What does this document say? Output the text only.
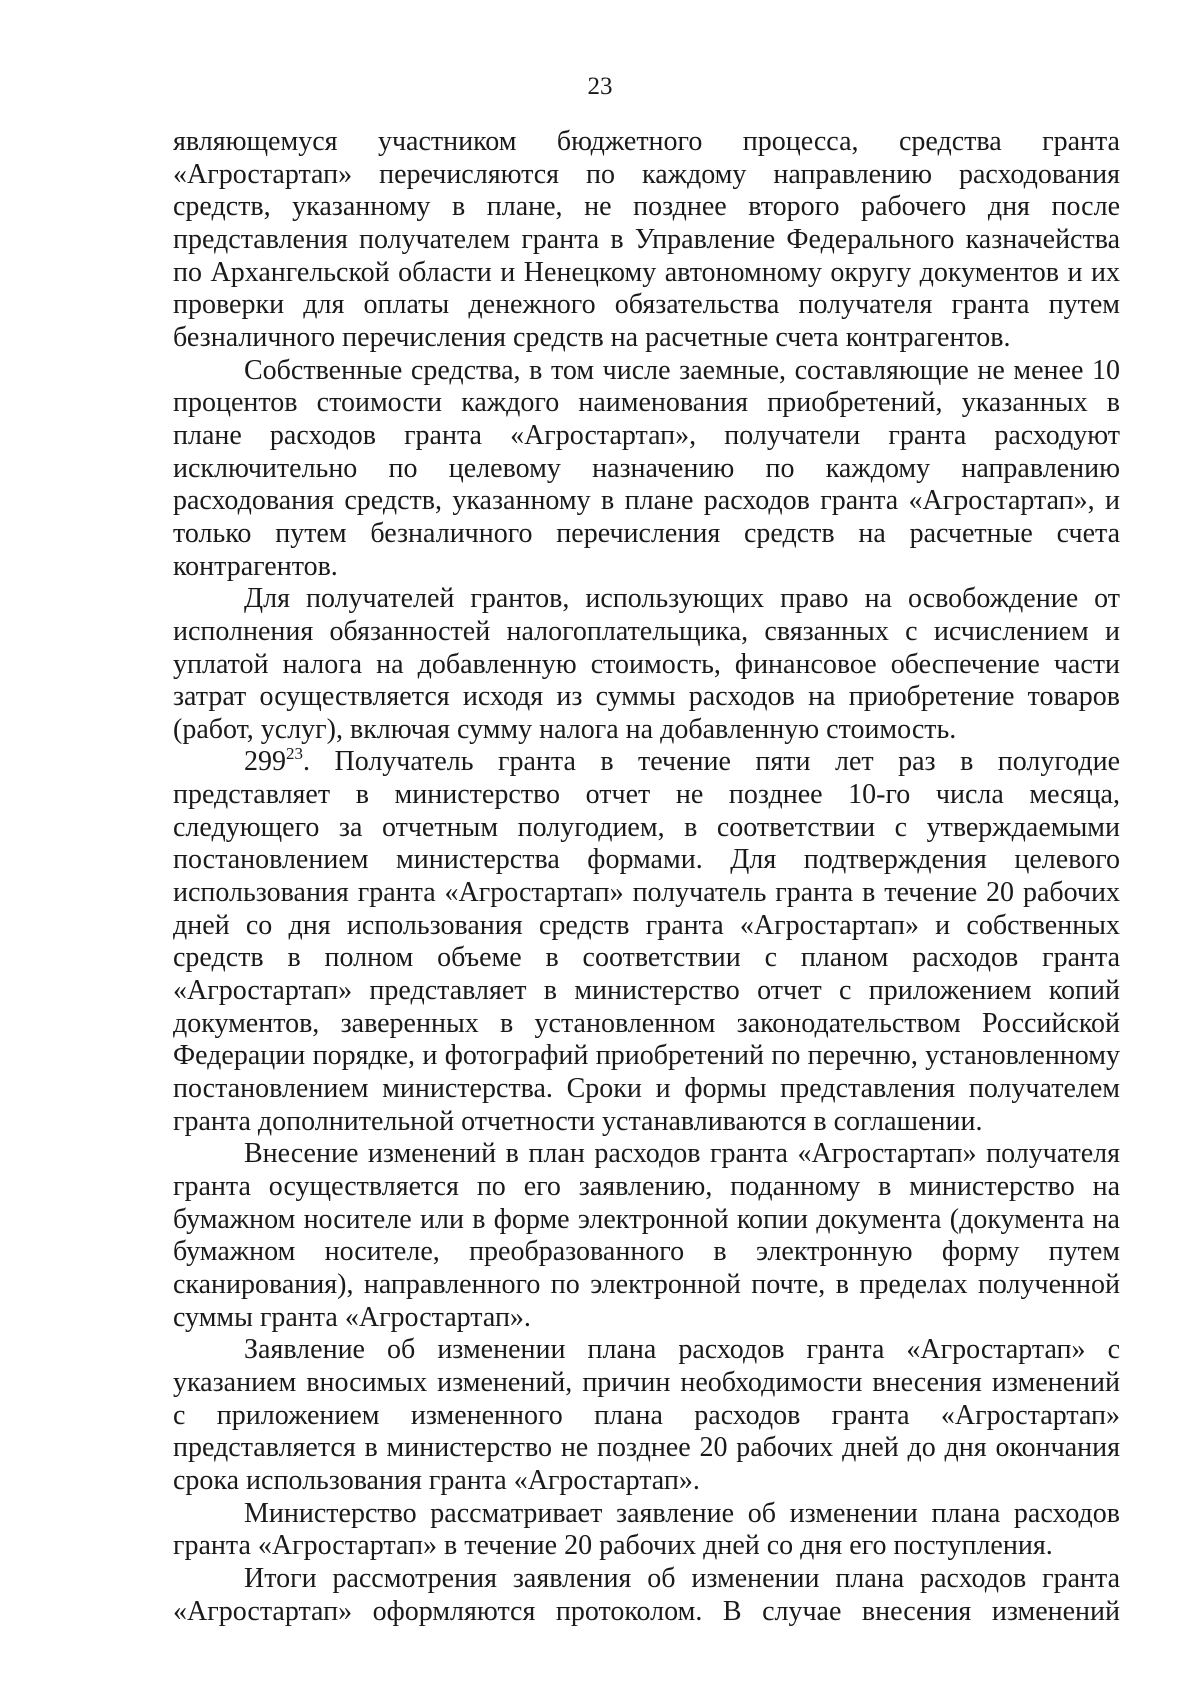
23

являющемуся участником бюджетного процесса, средства гранта «Агростартап» перечисляются по каждому направлению расходования средств, указанному в плане, не позднее второго рабочего дня после представления получателем гранта в Управление Федерального казначейства по Архангельской области и Ненецкому автономному округу документов и их проверки для оплаты денежного обязательства получателя гранта путем безналичного перечисления средств на расчетные счета контрагентов.

Собственные средства, в том числе заемные, составляющие не менее 10 процентов стоимости каждого наименования приобретений, указанных в плане расходов гранта «Агростартап», получатели гранта расходуют исключительно по целевому назначению по каждому направлению расходования средств, указанному в плане расходов гранта «Агростартап», и только путем безналичного перечисления средств на расчетные счета контрагентов.

Для получателей грантов, использующих право на освобождение от исполнения обязанностей налогоплательщика, связанных с исчислением и уплатой налога на добавленную стоимость, финансовое обеспечение части затрат осуществляется исходя из суммы расходов на приобретение товаров (работ, услуг), включая сумму налога на добавленную стоимость.

$299^{23}$. Получатель гранта в течение пяти лет раз в полугодие представляет в министерство отчет не позднее 10-го числа месяца, следующего за отчетным полугодием, в соответствии с утверждаемыми постановлением министерства формами. Для подтверждения целевого использования гранта «Агростартап» получатель гранта в течение 20 рабочих дней со дня использования средств гранта «Агростартап» и собственных средств в полном объеме в соответствии с планом расходов гранта «Агростартап» представляет в министерство отчет с приложением копий документов, заверенных в установленном законодательством Российской Федерации порядке, и фотографий приобретений по перечню, установленному постановлением министерства. Сроки и формы представления получателем гранта дополнительной отчетности устанавливаются в соглашении.

Внесение изменений в план расходов гранта «Агростартап» получателя гранта осуществляется по его заявлению, поданному в министерство на бумажном носителе или в форме электронной копии документа (документа на бумажном носителе, преобразованного в электронную форму путем сканирования), направленного по электронной почте, в пределах полученной суммы гранта «Агростартап».

Заявление об изменении плана расходов гранта «Агростартап» с указанием вносимых изменений, причин необходимости внесения изменений с приложением измененного плана расходов гранта «Агростартап» представляется в министерство не позднее 20 рабочих дней до дня окончания срока использования гранта «Агростартап».

Министерство рассматривает заявление об изменении плана расходов гранта «Агростартап» в течение 20 рабочих дней со дня его поступления.

Итоги рассмотрения заявления об изменении плана расходов гранта «Агростартап» оформляются протоколом. В случае внесения изменений
